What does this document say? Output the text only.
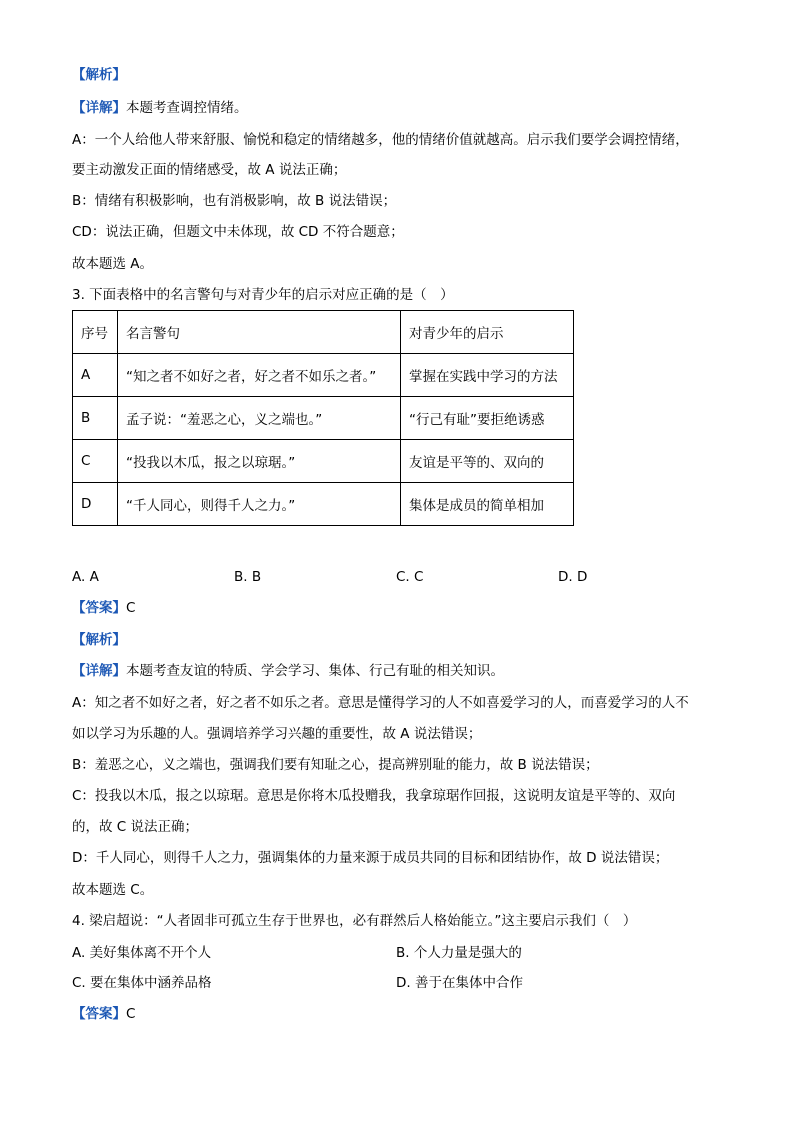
【解析】
【详解】本题考查调控情绪。
A：一个人给他人带来舒服、愉悦和稳定的情绪越多，他的情绪价值就越高。启示我们要学会调控情绪，
要主动激发正面的情绪感受，故 A 说法正确；
B：情绪有积极影响，也有消极影响，故 B 说法错误；
CD：说法正确，但题文中未体现，故 CD 不符合题意；
故本题选 A。
3. 下面表格中的名言警句与对青少年的启示对应正确的是（　）
序号	名言警句	对青少年的启示
A	“知之者不如好之者，好之者不如乐之者。”	掌握在实践中学习的方法
B	孟子说：“羞恶之心，义之端也。”	“行己有耻”要拒绝诱惑
C	“投我以木瓜，报之以琼琚。”	友谊是平等的、双向的
D	“千人同心，则得千人之力。”	集体是成员的简单相加
A. A	B. B	C. C	D. D
【答案】C
【解析】
【详解】本题考查友谊的特质、学会学习、集体、行己有耻的相关知识。
A：知之者不如好之者，好之者不如乐之者。意思是懂得学习的人不如喜爱学习的人，而喜爱学习的人不
如以学习为乐趣的人。强调培养学习兴趣的重要性，故 A 说法错误；
B：羞恶之心，义之端也，强调我们要有知耻之心，提高辨别耻的能力，故 B 说法错误；
C：投我以木瓜，报之以琼琚。意思是你将木瓜投赠我，我拿琼琚作回报，这说明友谊是平等的、双向
的，故 C 说法正确；
D：千人同心，则得千人之力，强调集体的力量来源于成员共同的目标和团结协作，故 D 说法错误；
故本题选 C。
4. 梁启超说：“人者固非可孤立生存于世界也，必有群然后人格始能立。”这主要启示我们（　）
A. 美好集体离不开个人	B. 个人力量是强大的
C. 要在集体中涵养品格	D. 善于在集体中合作
【答案】C
